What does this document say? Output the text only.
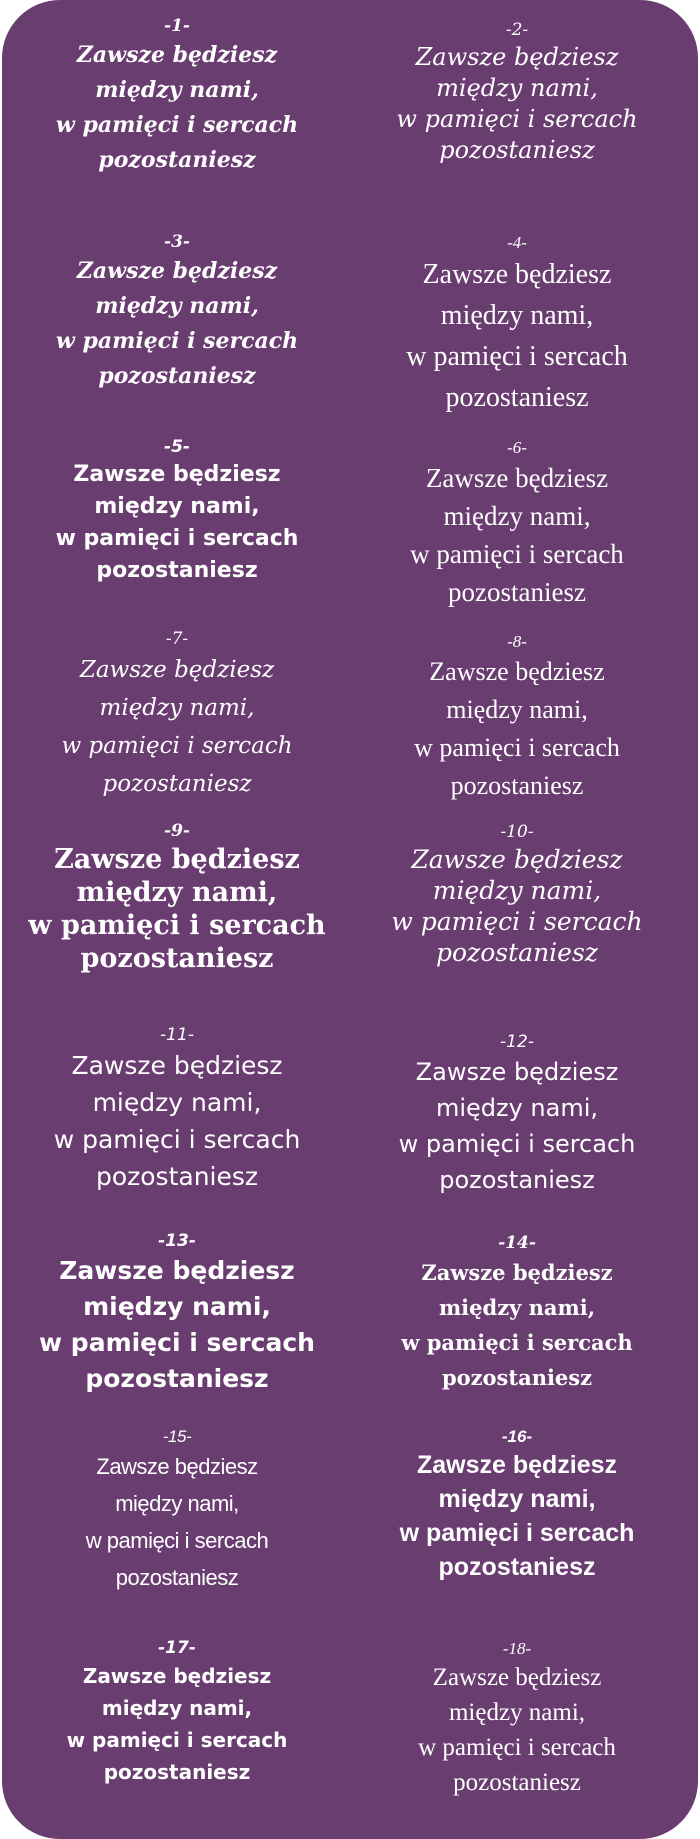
-1-
Zawsze będziesz
między nami,
w pamięci i sercach
pozostaniesz
-2-
Zawsze będziesz
między nami,
w pamięci i sercach
pozostaniesz
-3-
Zawsze będziesz
między nami,
w pamięci i sercach
pozostaniesz
-4-
Zawsze będziesz
między nami,
w pamięci i sercach
pozostaniesz
-5-
Zawsze będziesz
między nami,
w pamięci i sercach
pozostaniesz
-6-
Zawsze będziesz
między nami,
w pamięci i sercach
pozostaniesz
-7-
Zawsze będziesz
między nami,
w pamięci i sercach
pozostaniesz
-8-
Zawsze będziesz
między nami,
w pamięci i sercach
pozostaniesz
-9-
Zawsze będziesz
między nami,
w pamięci i sercach
pozostaniesz
-10-
Zawsze będziesz
między nami,
w pamięci i sercach
pozostaniesz
-11-
Zawsze będziesz
między nami,
w pamięci i sercach
pozostaniesz
-12-
Zawsze będziesz
między nami,
w pamięci i sercach
pozostaniesz
-13-
Zawsze będziesz
między nami,
w pamięci i sercach
pozostaniesz
-14-
Zawsze będziesz
między nami,
w pamięci i sercach
pozostaniesz
-15-
Zawsze będziesz
między nami,
w pamięci i sercach
pozostaniesz
-16-
Zawsze będziesz
między nami,
w pamięci i sercach
pozostaniesz
-17-
Zawsze będziesz
między nami,
w pamięci i sercach
pozostaniesz
-18-
Zawsze będziesz
między nami,
w pamięci i sercach
pozostaniesz
